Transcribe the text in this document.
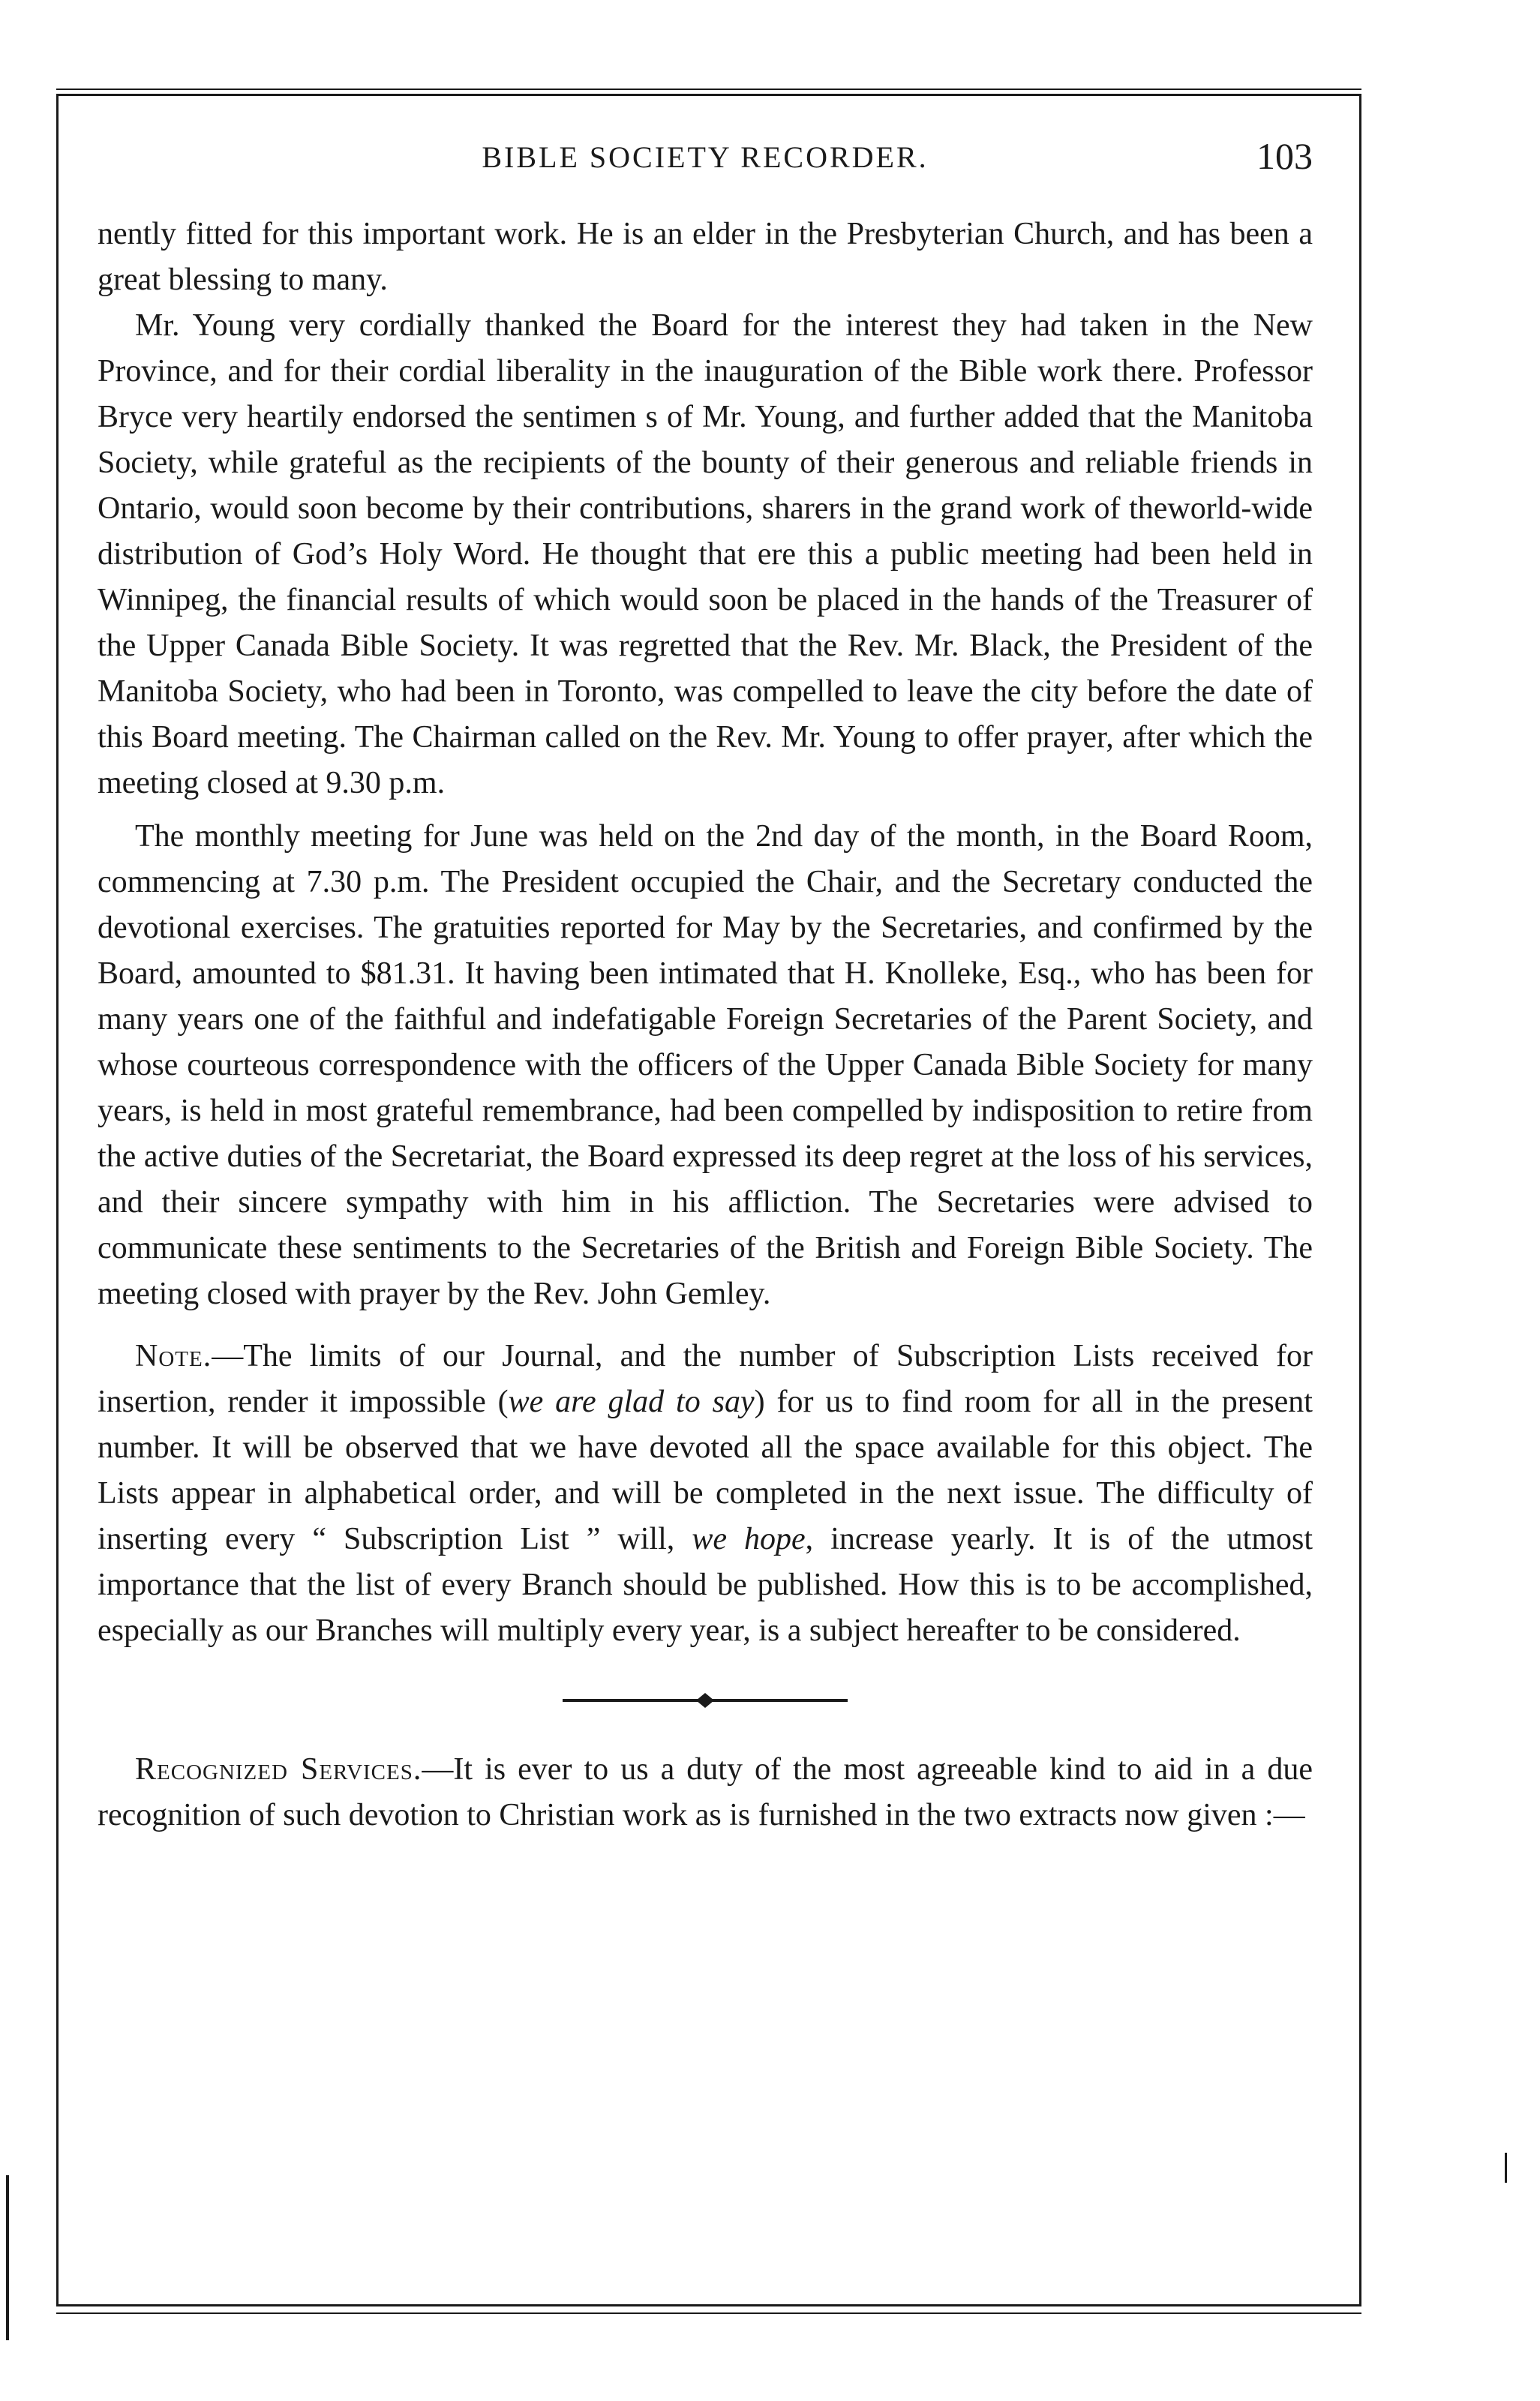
BIBLE SOCIETY RECORDER.	103

nently fitted for this important work. He is an elder in the Presbyterian Church, and has been a great blessing to many.

Mr. Young very cordially thanked the Board for the interest they had taken in the New Province, and for their cordial liberality in the inauguration of the Bible work there. Professor Bryce very heartily endorsed the sentimen s of Mr. Young, and further added that the Manitoba Society, while grateful as the recipients of the bounty of their generous and reliable friends in Ontario, would soon become by their contributions, sharers in the grand work of theworld-wide distribution of God’s Holy Word. He thought that ere this a public meeting had been held in Winnipeg, the financial results of which would soon be placed in the hands of the Treasurer of the Upper Canada Bible Society. It was regretted that the Rev. Mr. Black, the President of the Manitoba Society, who had been in Toronto, was compelled to leave the city before the date of this Board meeting. The Chairman called on the Rev. Mr. Young to offer prayer, after which the meeting closed at 9.30 p.m.

The monthly meeting for June was held on the 2nd day of the month, in the Board Room, commencing at 7.30 p.m. The President occupied the Chair, and the Secretary conducted the devotional exercises. The gratuities reported for May by the Secretaries, and confirmed by the Board, amounted to $81.31. It having been intimated that H. Knolleke, Esq., who has been for many years one of the faithful and indefatigable Foreign Secretaries of the Parent Society, and whose courteous correspondence with the officers of the Upper Canada Bible Society for many years, is held in most grateful remembrance, had been compelled by indisposition to retire from the active duties of the Secretariat, the Board expressed its deep regret at the loss of his services, and their sincere sympathy with him in his affliction. The Secretaries were advised to communicate these sentiments to the Secretaries of the British and Foreign Bible Society. The meeting closed with prayer by the Rev. John Gemley.

Note.—The limits of our Journal, and the number of Subscription Lists received for insertion, render it impossible (we are glad to say) for us to find room for all in the present number. It will be observed that we have devoted all the space available for this object. The Lists appear in alphabetical order, and will be completed in the next issue. The difficulty of inserting every “ Subscription List ” will, we hope, increase yearly. It is of the utmost importance that the list of every Branch should be published. How this is to be accomplished, especially as our Branches will multiply every year, is a subject hereafter to be considered.

Recognized Services.—It is ever to us a duty of the most agreeable kind to aid in a due recognition of such devotion to Christian work as is furnished in the two extracts now given :—
